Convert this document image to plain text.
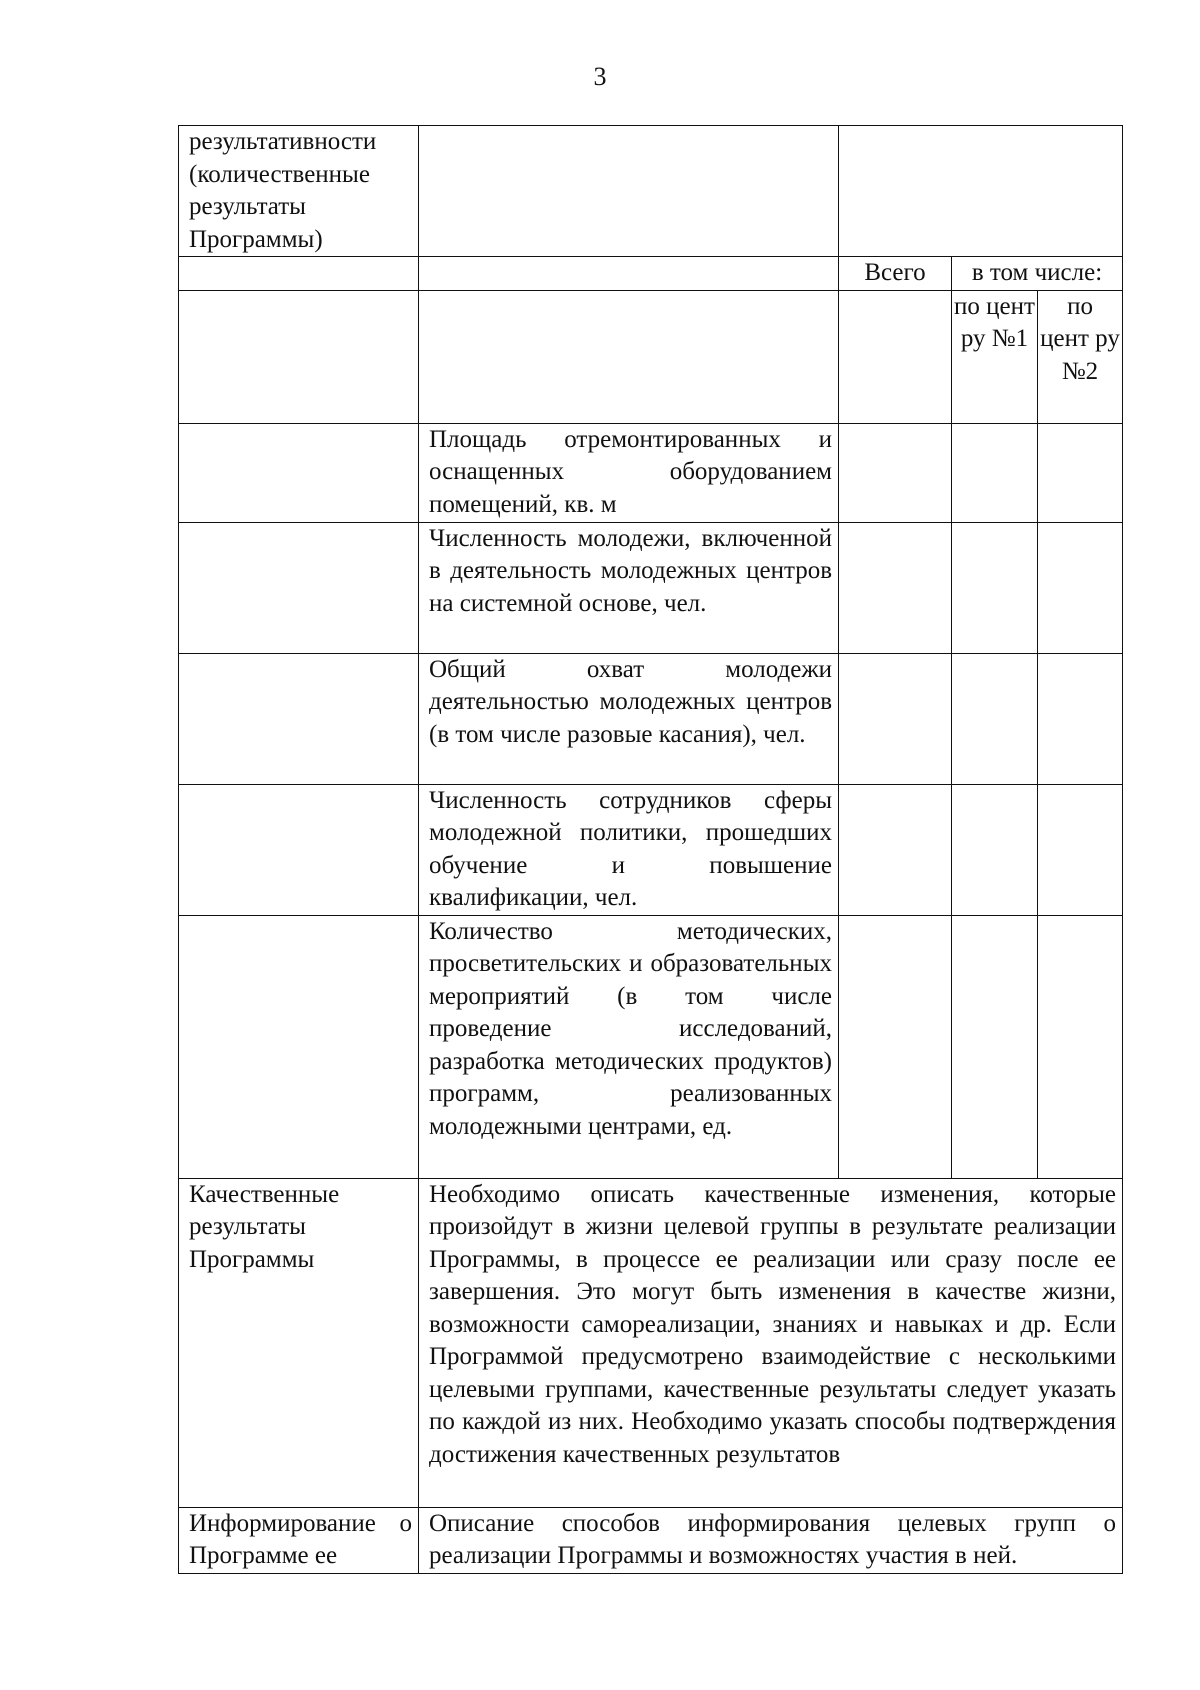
3
результативности (количественные результаты Программы)				
		Всего	в том числе:	
			по цент ру №1	по цент ру №2
	Площадь отремонтированных и оснащенных оборудованием помещений, кв. м			
	Численность молодежи, включенной в деятельность молодежных центров на системной основе, чел.			
	Общий охват молодежи деятельностью молодежных центров (в том числе разовые касания), чел.			
	Численность сотрудников сферы молодежной политики, прошедших обучение и повышение квалификации, чел.			
	Количество методических, просветительских и образовательных мероприятий (в том числе проведение исследований, разработка методических продуктов) программ, реализованных молодежными центрами, ед.			
Качественные результаты Программы	Необходимо описать качественные изменения, которые произойдут в жизни целевой группы в результате реализации Программы, в процессе ее реализации или сразу после ее завершения. Это могут быть изменения в качестве жизни, возможности самореализации, знаниях и навыках и др. Если Программой предусмотрено взаимодействие с несколькими целевыми группами, качественные результаты следует указать по каждой из них. Необходимо указать способы подтверждения достижения качественных результатов			
Информирование о Программе ее	Описание способов информирования целевых групп о реализации Программы и возможностях участия в ней.			
